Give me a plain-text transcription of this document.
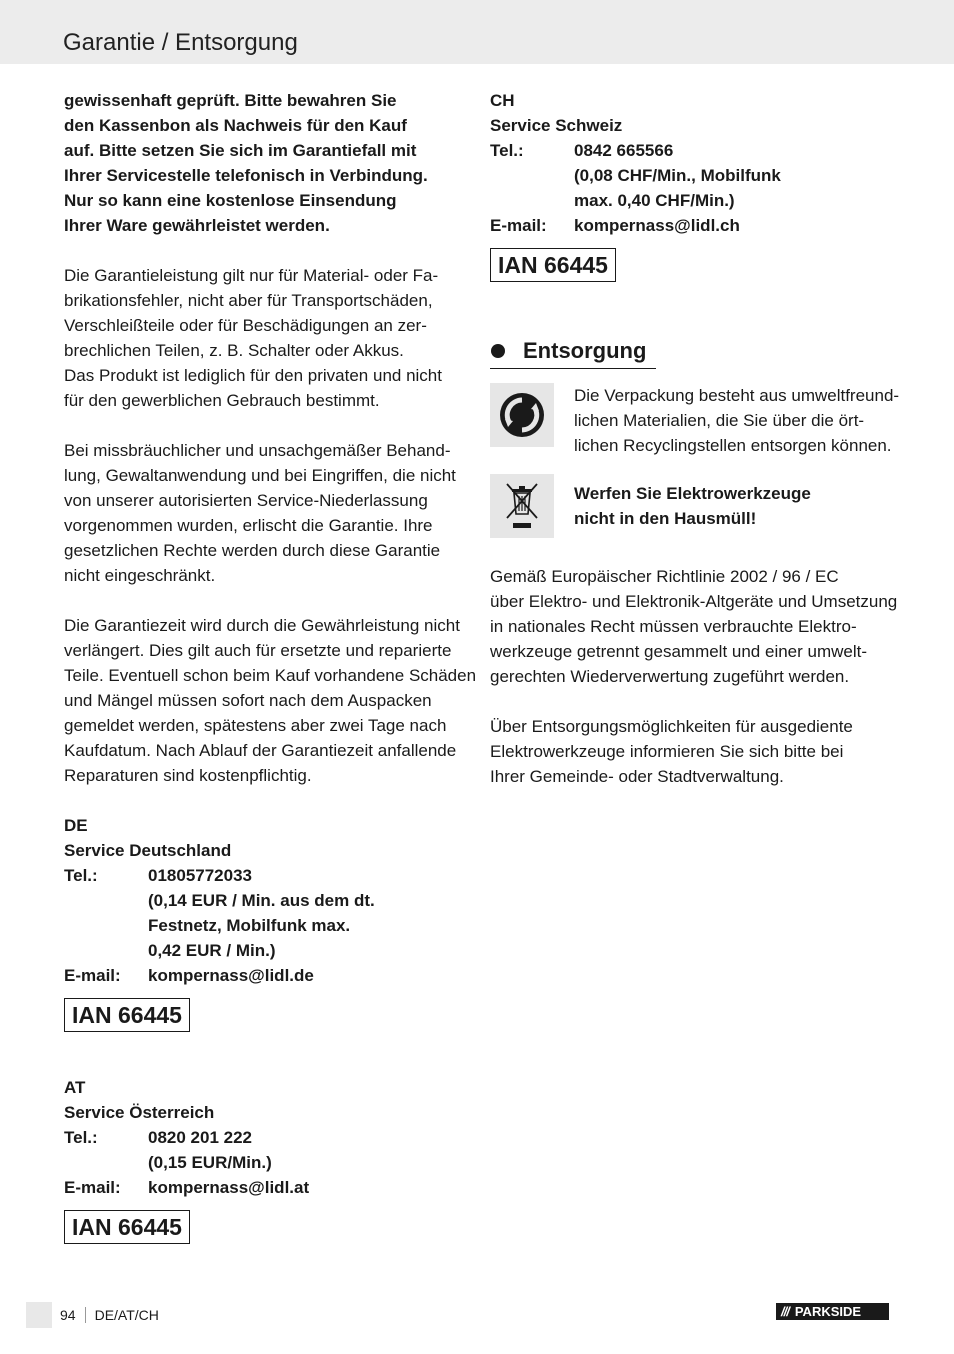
Garantie / Entsorgung

gewissenhaft geprüft. Bitte bewahren Sie

den Kassenbon als Nachweis für den Kauf

auf. Bitte setzen Sie sich im Garantiefall mit

Ihrer Servicestelle telefonisch in Verbindung.

Nur so kann eine kostenlose Einsendung

Ihrer Ware gewährleistet werden.

Die Garantieleistung gilt nur für Material- oder Fa-

brikationsfehler, nicht aber für Transportschäden,

Verschleißteile oder für Beschädigungen an zer-

brechlichen Teilen, z. B. Schalter oder Akkus.

Das Produkt ist lediglich für den privaten und nicht

für den gewerblichen Gebrauch bestimmt.

Bei missbräuchlicher und unsachgemäßer Behand-

lung, Gewaltanwendung und bei Eingriffen, die nicht

von unserer autorisierten Service-Niederlassung

vorgenommen wurden, erlischt die Garantie. Ihre

gesetzlichen Rechte werden durch diese Garantie

nicht eingeschränkt.

Die Garantiezeit wird durch die Gewährleistung nicht

verlängert. Dies gilt auch für ersetzte und reparierte

Teile. Eventuell schon beim Kauf vorhandene Schäden

und Mängel müssen sofort nach dem Auspacken

gemeldet werden, spätestens aber zwei Tage nach

Kaufdatum. Nach Ablauf der Garantiezeit anfallende

Reparaturen sind kostenpflichtig.

DE

Service Deutschland

Tel.:	01805772033
(0,14 EUR / Min. aus dem dt.
Festnetz, Mobilfunk max.
0,42 EUR / Min.)
E-mail:	kompernass@lidl.de
IAN 66445

AT

Service Österreich

Tel.:	0820 201 222
(0,15 EUR/Min.)
E-mail:	kompernass@lidl.at
IAN 66445

CH

Service Schweiz

Tel.:	0842 665566
(0,08 CHF/Min., Mobilfunk
max. 0,40 CHF/Min.)
E-mail:	kompernass@lidl.ch
IAN 66445
Entsorgung

Die Verpackung besteht aus umweltfreund-

lichen Materialien, die Sie über die ört-

lichen Recyclingstellen entsorgen können.

Werfen Sie Elektrowerkzeuge

nicht in den Hausmüll!

Gemäß Europäischer Richtlinie 2002 / 96 / EC

über Elektro- und Elektronik-Altgeräte und Umsetzung

in nationales Recht müssen verbrauchte Elektro-

werkzeuge getrennt gesammelt und einer umwelt-

gerechten Wiederverwertung zugeführt werden.

Über Entsorgungsmöglichkeiten für ausgediente

Elektrowerkzeuge informieren Sie sich bitte bei

Ihrer Gemeinde- oder Stadtverwaltung.

94 DE/AT/CH	/// PARKSIDE
